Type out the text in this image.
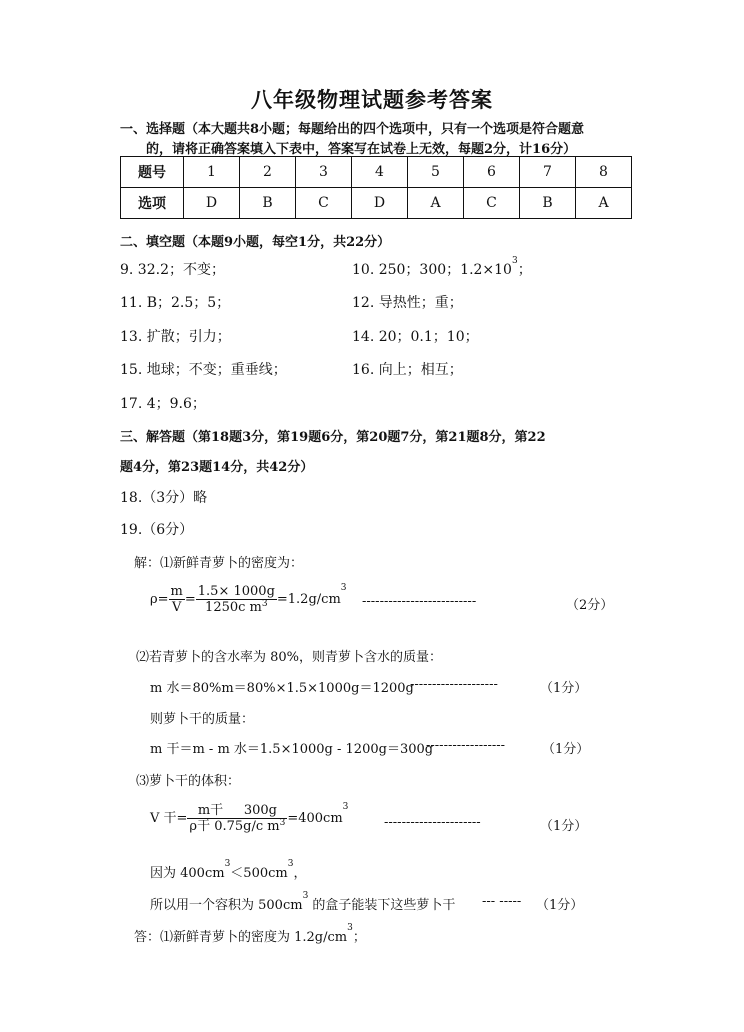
八年级物理试题参考答案
一、选择题（本大题共8小题；每题给出的四个选项中，只有一个选项是符合题意
的，请将正确答案填入下表中，答案写在试卷上无效，每题2分，计16分）
题号	1	2	3	4	5	6	7	8
选项	D	B	C	D	A	C	B	A
二、填空题（本题9小题，每空1分，共22分）
9. 32.2；不变；	10. 250；300；$1.2\times 10^3$；
11. B；2.5；5；	12. 导热性；重；
13. 扩散；引力；	14. 20；0.1；10；
15. 地球；不变；重垂线；	16. 向上；相互；
17. 4；9.6；
三、解答题（第18题3分，第19题6分，第20题7分，第21题8分，第22
题4分，第23题14分，共42分）
18.（3分）略
19.（6分）
解：⑴新鲜青萝卜的密度为：
$\rho= \frac{m}{V} = \frac{1.5\times 1000g}{1250c m^3} =1.2g/cm^3$
--------------------------	（2分）
⑵若青萝卜的含水率为 80%，则青萝卜含水的质量：
m 水＝80%m＝80%×1.5×1000g＝1200g
--------------------	（1分）
则萝卜干的质量：
m 干＝m - m 水＝1.5×1000g - 1200g＝300g
------------------	（1分）
⑶萝卜干的体积：
V 干= $\frac{\text{m干 300g}}{\rho 干 0.75g/c m^3} =400cm^3$
----------------------	（1分）
因为 $400cm^3<500cm^3$，
所以用一个容积为 $500cm^3$ 的盒子能装下这些萝卜干 --- ----- （1分）
答：⑴新鲜青萝卜的密度为 $1.2g/cm^3$；
